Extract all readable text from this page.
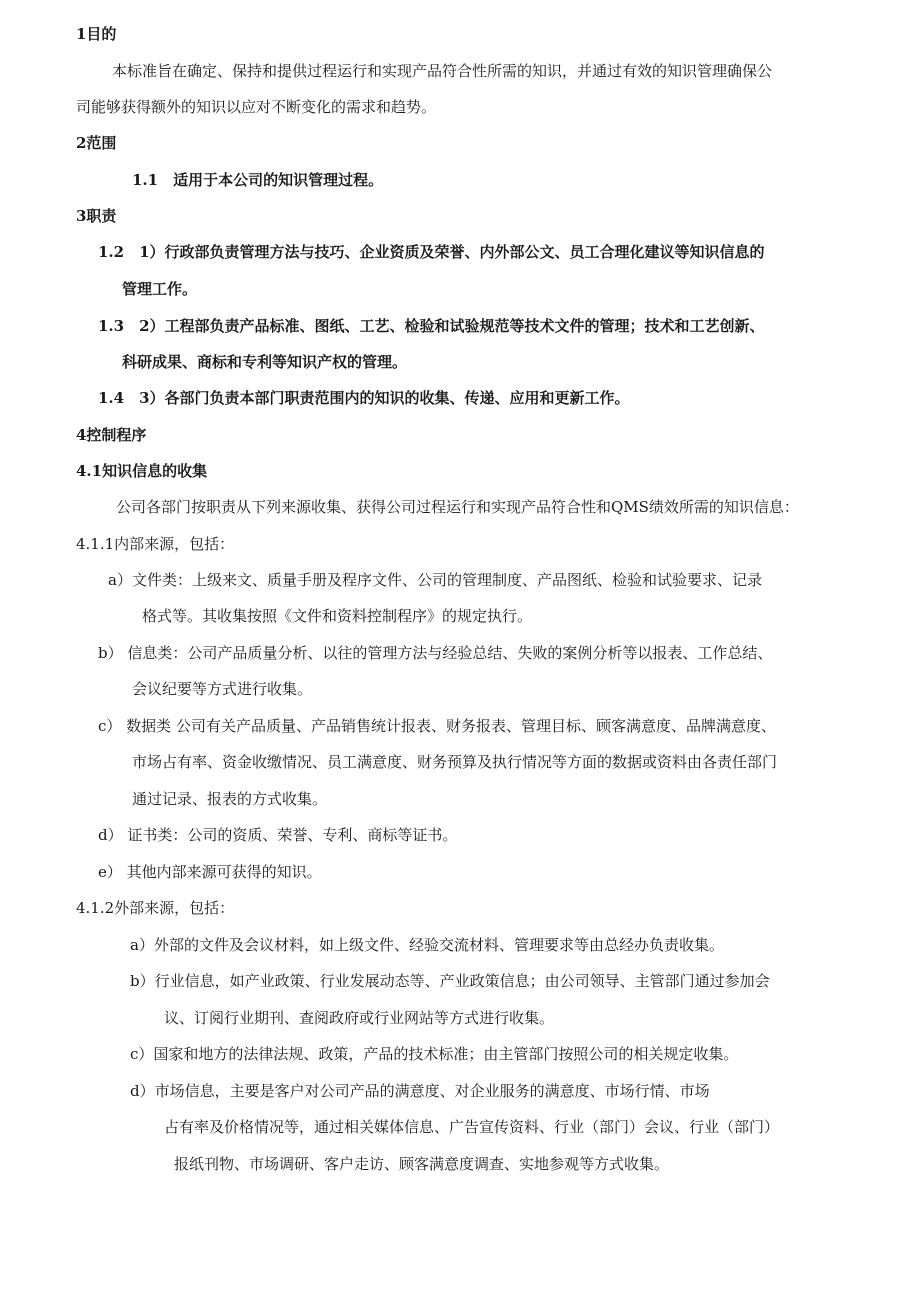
1目的
本标准旨在确定、保持和提供过程运行和实现产品符合性所需的知识，并通过有效的知识管理确保公
司能够获得额外的知识以应对不断变化的需求和趋势。
2范围
1.1　适用于本公司的知识管理过程。
3职责
1.2　1）行政部负责管理方法与技巧、企业资质及荣誉、内外部公文、员工合理化建议等知识信息的
管理工作。
1.3　2）工程部负责产品标准、图纸、工艺、检验和试验规范等技术文件的管理；技术和工艺创新、
科研成果、商标和专利等知识产权的管理。
1.4　3）各部门负责本部门职责范围内的知识的收集、传递、应用和更新工作。
4控制程序
4.1知识信息的收集
公司各部门按职责从下列来源收集、获得公司过程运行和实现产品符合性和QMS绩效所需的知识信息：
4.1.1内部来源，包括：
a）文件类：上级来文、质量手册及程序文件、公司的管理制度、产品图纸、检验和试验要求、记录
格式等。其收集按照《文件和资料控制程序》的规定执行。
b） 信息类：公司产品质量分析、以往的管理方法与经验总结、失败的案例分析等以报表、工作总结、
会议纪要等方式进行收集。
c） 数据类 公司有关产品质量、产品销售统计报表、财务报表、管理目标、顾客满意度、品牌满意度、
市场占有率、资金收缴情况、员工满意度、财务预算及执行情况等方面的数据或资料由各责任部门
通过记录、报表的方式收集。
d） 证书类：公司的资质、荣誉、专利、商标等证书。
e） 其他内部来源可获得的知识。
4.1.2外部来源，包括：
a）外部的文件及会议材料，如上级文件、经验交流材料、管理要求等由总经办负责收集。
b）行业信息，如产业政策、行业发展动态等、产业政策信息；由公司领导、主管部门通过参加会
议、订阅行业期刊、查阅政府或行业网站等方式进行收集。
c）国家和地方的法律法规、政策，产品的技术标准；由主管部门按照公司的相关规定收集。
d）市场信息，主要是客户对公司产品的满意度、对企业服务的满意度、市场行情、市场
占有率及价格情况等，通过相关媒体信息、广告宣传资料、行业（部门）会议、行业（部门）
报纸刊物、市场调研、客户走访、顾客满意度调查、实地参观等方式收集。
